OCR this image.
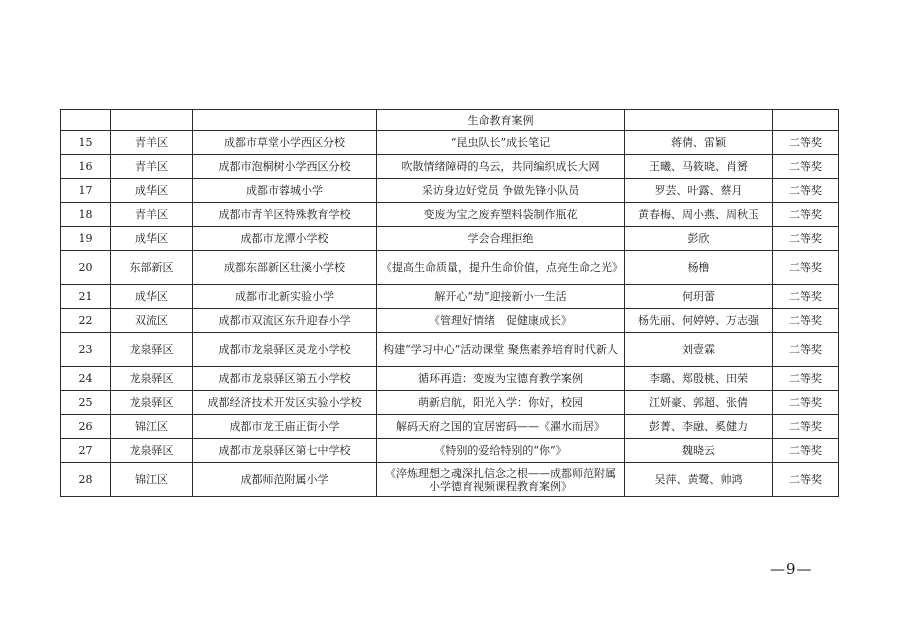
			生命教育案例		
15	青羊区	成都市草堂小学西区分校	“昆虫队长”成长笔记	蒋倩、雷颖	二等奖
16	青羊区	成都市泡桐树小学西区分校	吹散情绪障碍的乌云，共同编织成长大网	王曦、马筱晓、肖赟	二等奖
17	成华区	成都市蓉城小学	采访身边好党员 争做先锋小队员	罗芸、叶露、蔡月	二等奖
18	青羊区	成都市青羊区特殊教育学校	变废为宝之废弃塑料袋制作瓶花	黄春梅、周小燕、周秋玉	二等奖
19	成华区	成都市龙潭小学校	学会合理拒绝	彭欣	二等奖
20	东部新区	成都东部新区壮溪小学校	《提高生命质量，提升生命价值，点亮生命之光》	杨橹	二等奖
21	成华区	成都市北新实验小学	解开心“劫”迎接新小一生活	何玥蕾	二等奖
22	双流区	成都市双流区东升迎春小学	《管理好情绪　促健康成长》	杨先丽、何婷婷、万志强	二等奖
23	龙泉驿区	成都市龙泉驿区灵龙小学校	构建“学习中心”活动课堂 聚焦素养培育时代新人	刘壹霖	二等奖
24	龙泉驿区	成都市龙泉驿区第五小学校	循环再造：变废为宝德育教学案例	李璐、郑殷桃、田荣	二等奖
25	龙泉驿区	成都经济技术开发区实验小学校	萌新启航，阳光入学：你好，校园	江妍豪、郭超、张倩	二等奖
26	锦江区	成都市龙王庙正街小学	解码天府之国的宜居密码——《濯水而居》	彭菁、李融、奚健力	二等奖
27	龙泉驿区	成都市龙泉驿区第七中学校	《特别的爱给特别的“你”》	魏晓云	二等奖
28	锦江区	成都师范附属小学	《淬炼理想之魂深扎信念之根——成都师范附属小学德育视频课程教育案例》	吴萍、黄鹭、帅鸿	二等奖
—9—
